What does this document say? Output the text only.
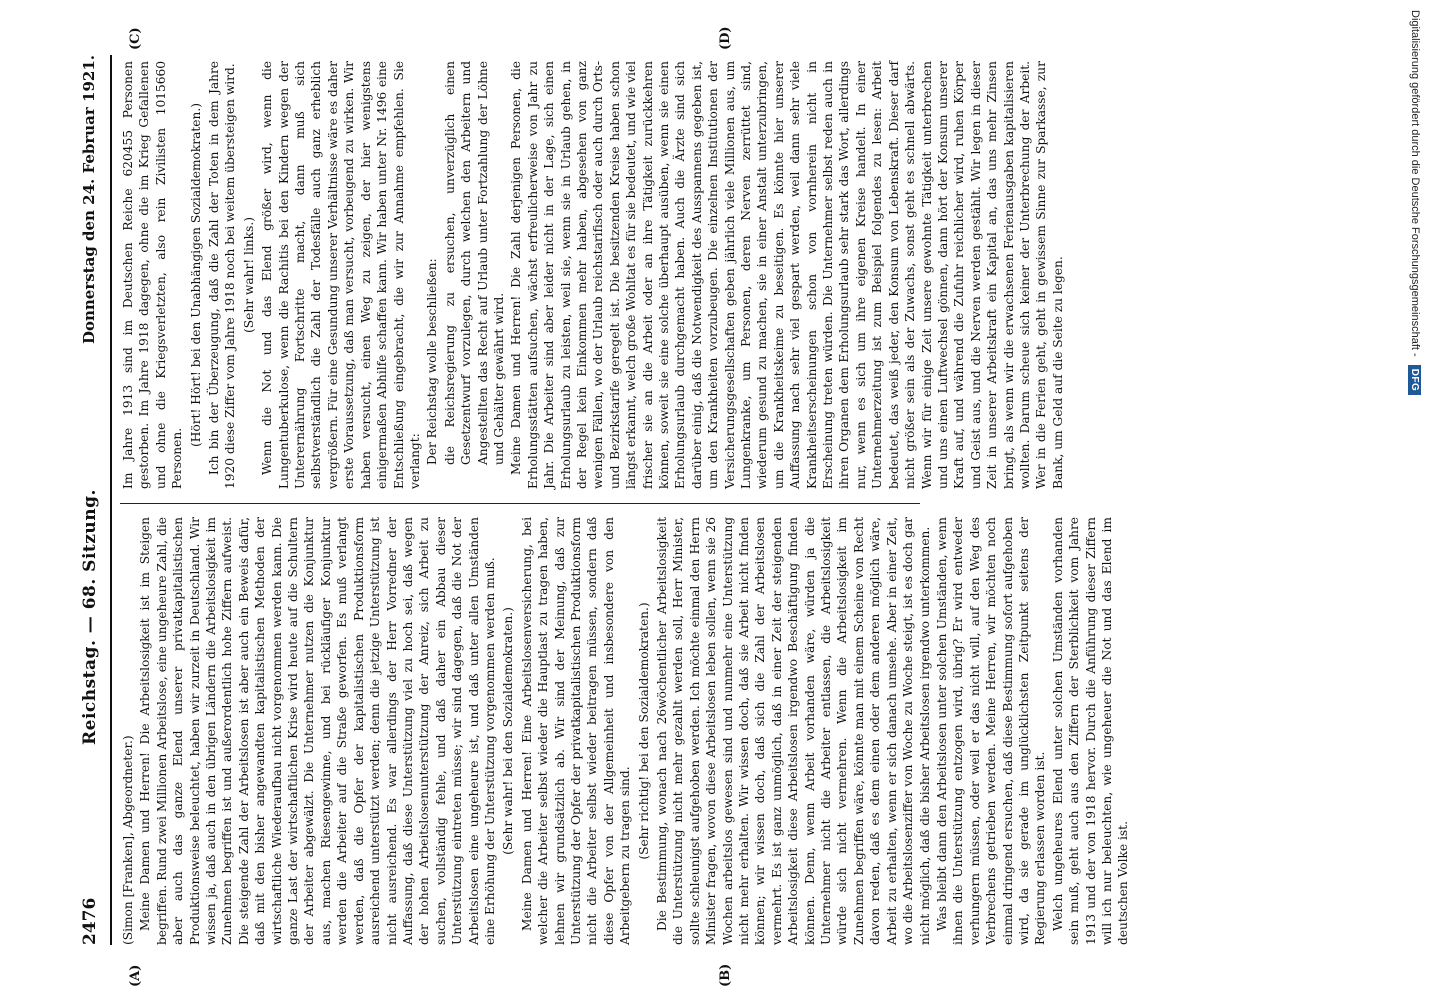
2476
Reichstag. — 68. Sitzung.
Donnerstag den 24. Februar 1921.
(A)	(B)
(C)	(D)

(Simon [Franken], Abgeordneter.) Meine Damen und Herren! Die Arbeitslosigkeit ist im Steigen begriffen. Rund zwei Millionen Arbeitslose, eine ungeheure Zahl, die aber auch das ganze Elend unserer privatkapitalistischen Produktionsweise beleuchtet, haben wir zurzeit in Deutschland. Wir wissen ja, daß auch in den übrigen Ländern die Arbeitslosigkeit im Zunehmen begriffen ist und außerordentlich hohe Ziffern aufweist. Die steigende Zahl der Arbeitslosen ist aber auch ein Beweis dafür, daß mit den bisher angewandten kapitalistischen Methoden der wirtschaftliche Wiederaufbau nicht vorgenommen werden kann. Die ganze Last der wirtschaftlichen Krise wird heute auf die Schultern der Arbeiter abgewälzt. Die Unternehmer nutzen die Konjunktur aus, machen Riesengewinne, und bei rückläufiger Konjunktur werden die Arbeiter auf die Straße geworfen. Es muß verlangt werden, daß die Opfer der kapitalistischen Produktionsform ausreichend unterstützt werden; denn die jetzige Unterstützung ist nicht ausreichend. Es war allerdings der Herr Vorredner der Auffassung, daß diese Unterstützung viel zu hoch sei, daß wegen der hohen Arbeitslosenunterstützung der Anreiz, sich Arbeit zu suchen, vollständig fehle, und daß daher ein Abbau dieser Unterstützung eintreten müsse; wir sind dagegen, daß die Not der Arbeitslosen eine ungeheure ist, und daß unter allen Umständen eine Erhöhung der Unterstützung vorgenommen werden muß. (Sehr wahr! bei den Sozialdemokraten.) Meine Damen und Herren! Eine Arbeitslosenversicherung, bei welcher die Arbeiter selbst wieder die Hauptlast zu tragen haben, lehnen wir grundsätzlich ab. Wir sind der Meinung, daß zur Unterstützung der Opfer der privatkapitalistischen Produktionsform nicht die Arbeiter selbst wieder beitragen müssen, sondern daß diese Opfer von der Allgemeinheit und insbesondere von den Arbeitgebern zu tragen sind. (Sehr richtig! bei den Sozialdemokraten.) Die Bestimmung, wonach nach 26wöchentlicher Arbeitslosigkeit die Unterstützung nicht mehr gezahlt werden soll, Herr Minister, sollte schleunigst aufgehoben werden. Ich möchte einmal den Herrn Minister fragen, wovon diese Arbeitslosen leben sollen, wenn sie 26 Wochen arbeitslos gewesen sind und nunmehr eine Unterstützung nicht mehr erhalten. Wir wissen doch, daß sie Arbeit nicht finden können; wir wissen doch, daß sich die Zahl der Arbeitslosen vermehrt. Es ist ganz unmöglich, daß in einer Zeit der steigenden Arbeitslosigkeit diese Arbeitslosen irgendwo Beschäftigung finden können. Denn, wenn Arbeit vorhanden wäre, würden ja die Unternehmer nicht die Arbeiter entlassen, die Arbeitslosigkeit würde sich nicht vermehren. Wenn die Arbeitslosigkeit im Zunehmen begriffen wäre, könnte man mit einem Scheine von Recht davon reden, daß es dem einen oder dem anderen möglich wäre, Arbeit zu erhalten, wenn er sich danach umsehe. Aber in einer Zeit, wo die Arbeitslosenziffer von Woche zu Woche steigt, ist es doch gar nicht möglich, daß die bisher Arbeitslosen irgendwo unterkommen. Was bleibt dann den Arbeitslosen unter solchen Umständen, wenn ihnen die Unterstützung entzogen wird, übrig? Er wird entweder verhungern müssen, oder weil er das nicht will, auf den Weg des Verbrechens getrieben werden. Meine Herren, wir möchten noch einmal dringend ersuchen, daß diese Bestimmung sofort aufgehoben wird, da sie gerade im unglücklichsten Zeitpunkt seitens der Regierung erlassen worden ist. Welch ungeheures Elend unter solchen Umständen vorhanden sein muß, geht auch aus den Ziffern der Sterblichkeit vom Jahre 1913 und der von 1918 hervor. Durch die Anführung dieser Ziffern will ich nur beleuchten, wie ungeheuer die Not und das Elend im deutschen Volke ist.

Im Jahre 1913 sind im Deutschen Reiche 620455 Personen gestorben. Im Jahre 1918 dagegen, ohne die im Krieg Gefallenen und ohne die Kriegsverletzten, also rein Zivilisten 1015660 Personen.

(Hört! Hört! bei den Unabhängigen Sozialdemokraten.) Ich bin der Überzeugung, daß die Zahl der Toten in dem Jahre 1920 diese Ziffer vom Jahre 1918 noch bei weitem übersteigen wird. (Sehr wahr! links.) Wenn die Not und das Elend größer wird, wenn die Lungentuberkulose, wenn die Rachitis bei den Kindern wegen der Unterernährung Fortschritte macht, dann muß sich selbstverständlich die Zahl der Todesfälle auch ganz erheblich vergrößern. Für eine Gesundung unserer Verhältnisse wäre es daher erste Voraussetzung, daß man versucht, vorbeugend zu wirken. Wir haben versucht, einen Weg zu zeigen, der hier wenigstens einigermaßen Abhilfe schaffen kann. Wir haben unter Nr. 1496 eine Entschließung eingebracht, die wir zur Annahme empfehlen. Sie verlangt: Der Reichstag wolle beschließen: die Reichsregierung zu ersuchen, unverzüglich einen Gesetzentwurf vorzulegen, durch welchen den Arbeitern und Angestellten das Recht auf Urlaub unter Fortzahlung der Löhne und Gehälter gewährt wird. Meine Damen und Herren! Die Zahl derjenigen Personen, die Erholungsstätten aufsuchen, wächst erfreulicherweise von Jahr zu Jahr. Die Arbeiter sind aber leider nicht in der Lage, sich einen Erholungsurlaub zu leisten, weil sie, wenn sie in Urlaub gehen, in der Regel kein Einkommen mehr haben, abgesehen von ganz wenigen Fällen, wo der Urlaub reichstarifisch oder auch durch Orts- und Bezirkstarife geregelt ist. Die besitzenden Kreise haben schon längst erkannt, welch große Wohltat es für sie bedeutet, und wie viel frischer sie an die Arbeit oder an ihre Tätigkeit zurückkehren können, soweit sie eine solche überhaupt ausüben, wenn sie einen Erholungsurlaub durchgemacht haben. Auch die Ärzte sind sich darüber einig, daß die Notwendigkeit des Ausspannens gegeben ist, um den Krankheiten vorzubeugen. Die einzelnen Institutionen der Versicherungsgesellschaften geben jährlich viele Millionen aus, um Lungenkranke, um Personen, deren Nerven zerrüttet sind, wiederum gesund zu machen, sie in einer Anstalt unterzubringen, um die Krankheitskeime zu beseitigen. Es könnte hier unserer Auffassung nach sehr viel gespart werden, weil dann sehr viele Krankheitserscheinungen schon von vornherein nicht in Erscheinung treten würden. Die Unternehmer selbst reden auch in ihren Organen dem Erholungsurlaub sehr stark das Wort, allerdings nur, wenn es sich um ihre eigenen Kreise handelt. In einer Unternehmerzeitung ist zum Beispiel folgendes zu lesen: Arbeit bedeutet, das weiß jeder, den Konsum von Lebenskraft. Dieser darf nicht größer sein als der Zuwachs, sonst geht es schnell abwärts. Wenn wir für einige Zeit unsere gewohnte Tätigkeit unterbrechen und uns einen Luftwechsel gönnen, dann hört der Konsum unserer Kraft auf, und während die Zufuhr reichlicher wird, ruhen Körper und Geist aus, und die Nerven werden gestählt. Wir legen in dieser Zeit in unserer Arbeitskraft ein Kapital an, das uns mehr Zinsen bringt, als wenn wir die erwachsenen Ferienausgaben kapitalisieren wollten. Darum scheue sich keiner der Unterbrechung der Arbeit. Wer in die Ferien geht, geht in gewissem Sinne zur Sparkasse, zur Bank, um Geld auf die Seite zu legen.

Digitalisierung gefördert durch die Deutsche Forschungsgemeinschaft -
DFG
